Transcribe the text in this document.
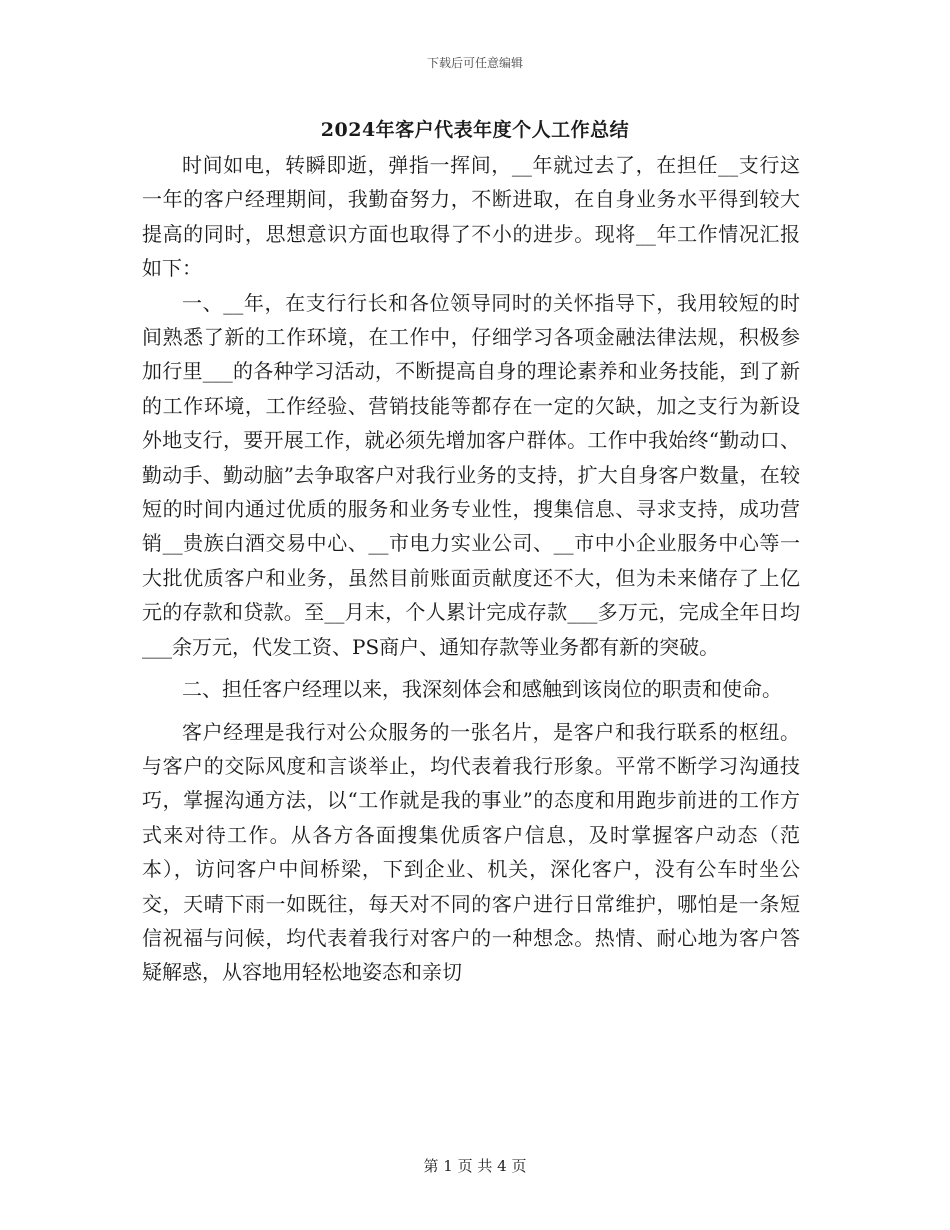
下载后可任意编辑
2024年客户代表年度个人工作总结

时间如电，转瞬即逝，弹指一挥间，__年就过去了，在担任__支行这一年的客户经理期间，我勤奋努力，不断进取，在自身业务水平得到较大提高的同时，思想意识方面也取得了不小的进步。现将__年工作情况汇报如下：

一、__年，在支行行长和各位领导同时的关怀指导下，我用较短的时间熟悉了新的工作环境，在工作中，仔细学习各项金融法律法规，积极参加行里___的各种学习活动，不断提高自身的理论素养和业务技能，到了新的工作环境，工作经验、营销技能等都存在一定的欠缺，加之支行为新设外地支行，要开展工作，就必须先增加客户群体。工作中我始终“勤动口、勤动手、勤动脑”去争取客户对我行业务的支持，扩大自身客户数量，在较短的时间内通过优质的服务和业务专业性，搜集信息、寻求支持，成功营销__贵族白酒交易中心、__市电力实业公司、__市中小企业服务中心等一大批优质客户和业务，虽然目前账面贡献度还不大，但为未来储存了上亿元的存款和贷款。至__月末，个人累计完成存款___多万元，完成全年日均___余万元，代发工资、PS商户、通知存款等业务都有新的突破。

二、担任客户经理以来，我深刻体会和感触到该岗位的职责和使命。

客户经理是我行对公众服务的一张名片，是客户和我行联系的枢纽。与客户的交际风度和言谈举止，均代表着我行形象。平常不断学习沟通技巧，掌握沟通方法，以“工作就是我的事业”的态度和用跑步前进的工作方式来对待工作。从各方各面搜集优质客户信息，及时掌握客户动态（范本），访问客户中间桥梁，下到企业、机关，深化客户，没有公车时坐公交，天晴下雨一如既往，每天对不同的客户进行日常维护，哪怕是一条短信祝福与问候，均代表着我行对客户的一种想念。热情、耐心地为客户答疑解惑，从容地用轻松地姿态和亲切

第 1 页 共 4 页
